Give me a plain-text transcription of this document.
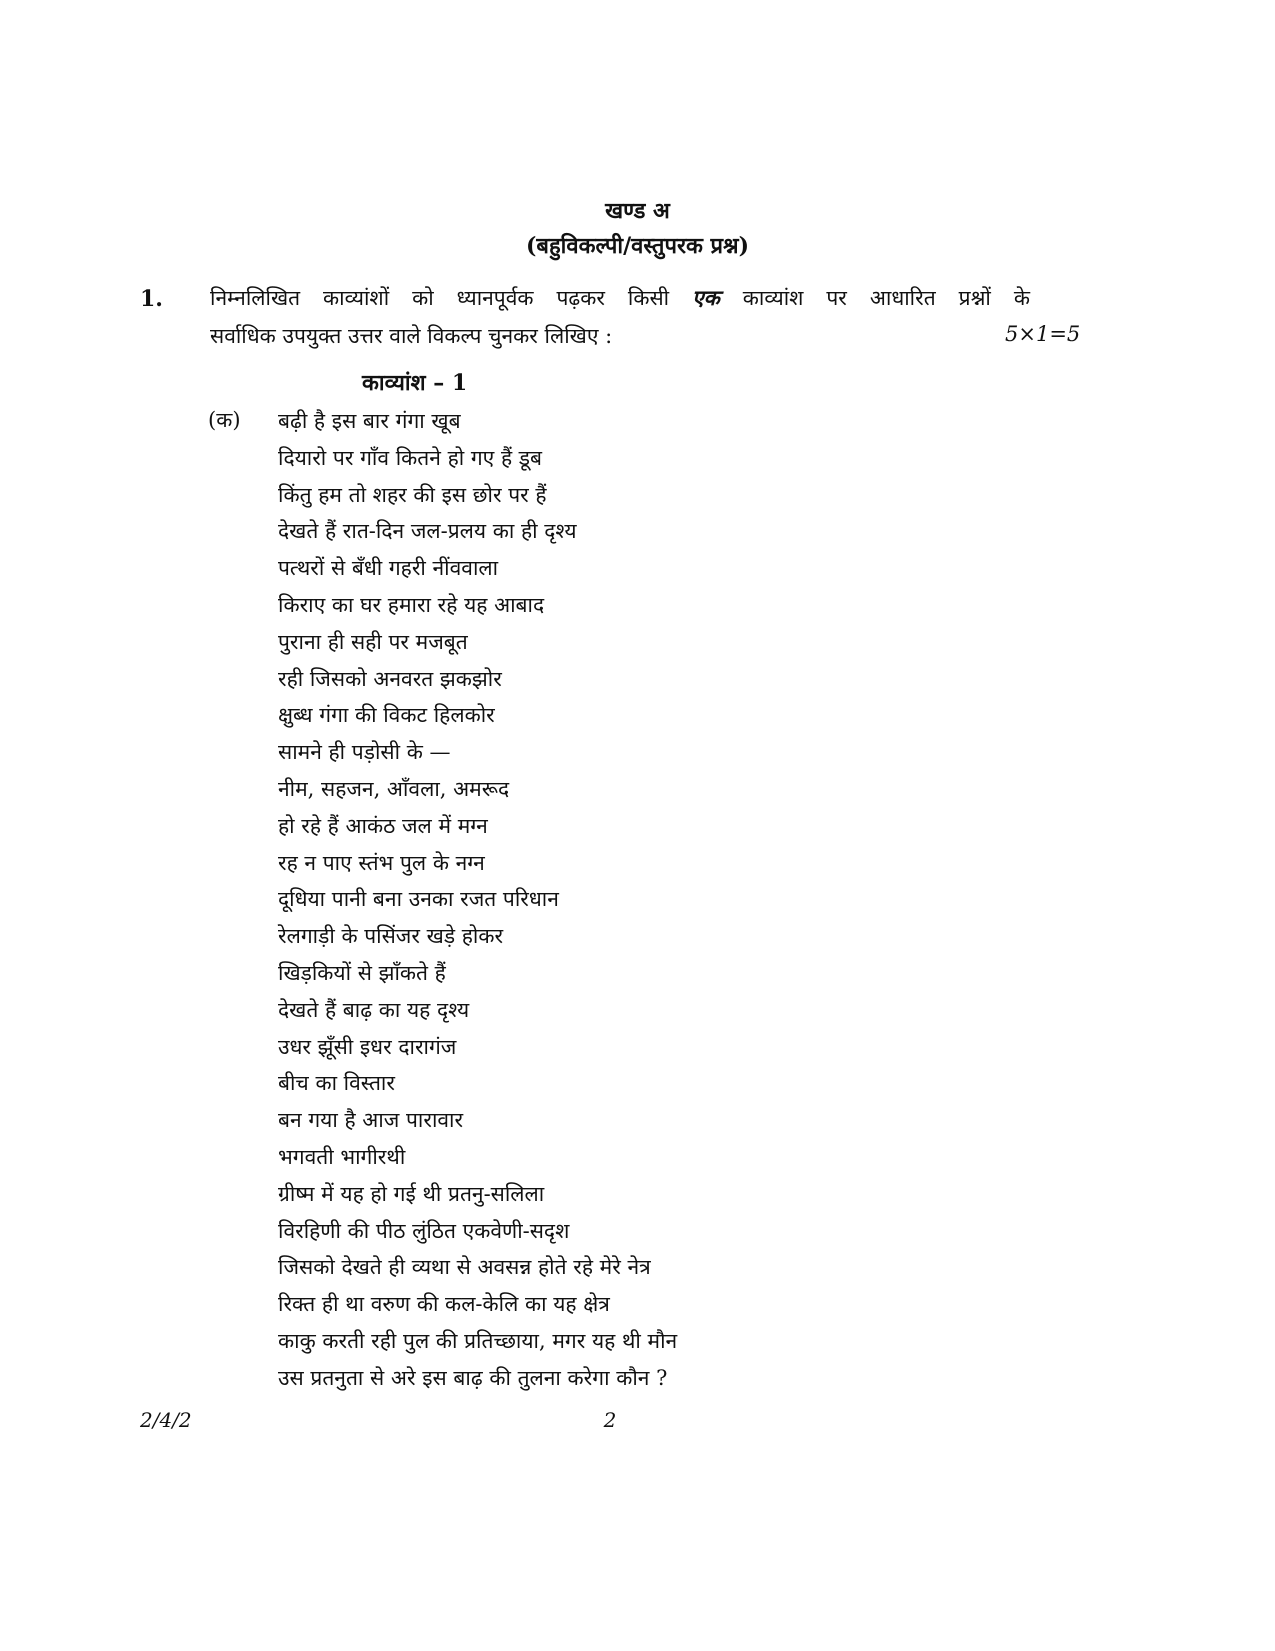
खण्ड अ
(बहुविकल्पी/वस्तुपरक प्रश्न)
1. निम्नलिखित काव्यांशों को ध्यानपूर्वक पढ़कर किसी एक काव्यांश पर आधारित प्रश्नों के
सर्वाधिक उपयुक्त उत्तर वाले विकल्प चुनकर लिखिए :	5×1=5
काव्यांश – 1
(क) बढ़ी है इस बार गंगा खूब
दियारो पर गाँव कितने हो गए हैं डूब
किंतु हम तो शहर की इस छोर पर हैं
देखते हैं रात-दिन जल-प्रलय का ही दृश्य
पत्थरों से बँधी गहरी नींववाला
किराए का घर हमारा रहे यह आबाद
पुराना ही सही पर मजबूत
रही जिसको अनवरत झकझोर
क्षुब्ध गंगा की विकट हिलकोर
सामने ही पड़ोसी के —
नीम, सहजन, आँवला, अमरूद
हो रहे हैं आकंठ जल में मग्न
रह न पाए स्तंभ पुल के नग्न
दूधिया पानी बना उनका रजत परिधान
रेलगाड़ी के पसिंजर खड़े होकर
खिड़कियों से झाँकते हैं
देखते हैं बाढ़ का यह दृश्य
उधर झूँसी इधर दारागंज
बीच का विस्तार
बन गया है आज पारावार
भगवती भागीरथी
ग्रीष्म में यह हो गई थी प्रतनु-सलिला
विरहिणी की पीठ लुंठित एकवेणी-सदृश
जिसको देखते ही व्यथा से अवसन्न होते रहे मेरे नेत्र
रिक्त ही था वरुण की कल-केलि का यह क्षेत्र
काकु करती रही पुल की प्रतिच्छाया, मगर यह थी मौन
उस प्रतनुता से अरे इस बाढ़ की तुलना करेगा कौन ?
2/4/2	2
